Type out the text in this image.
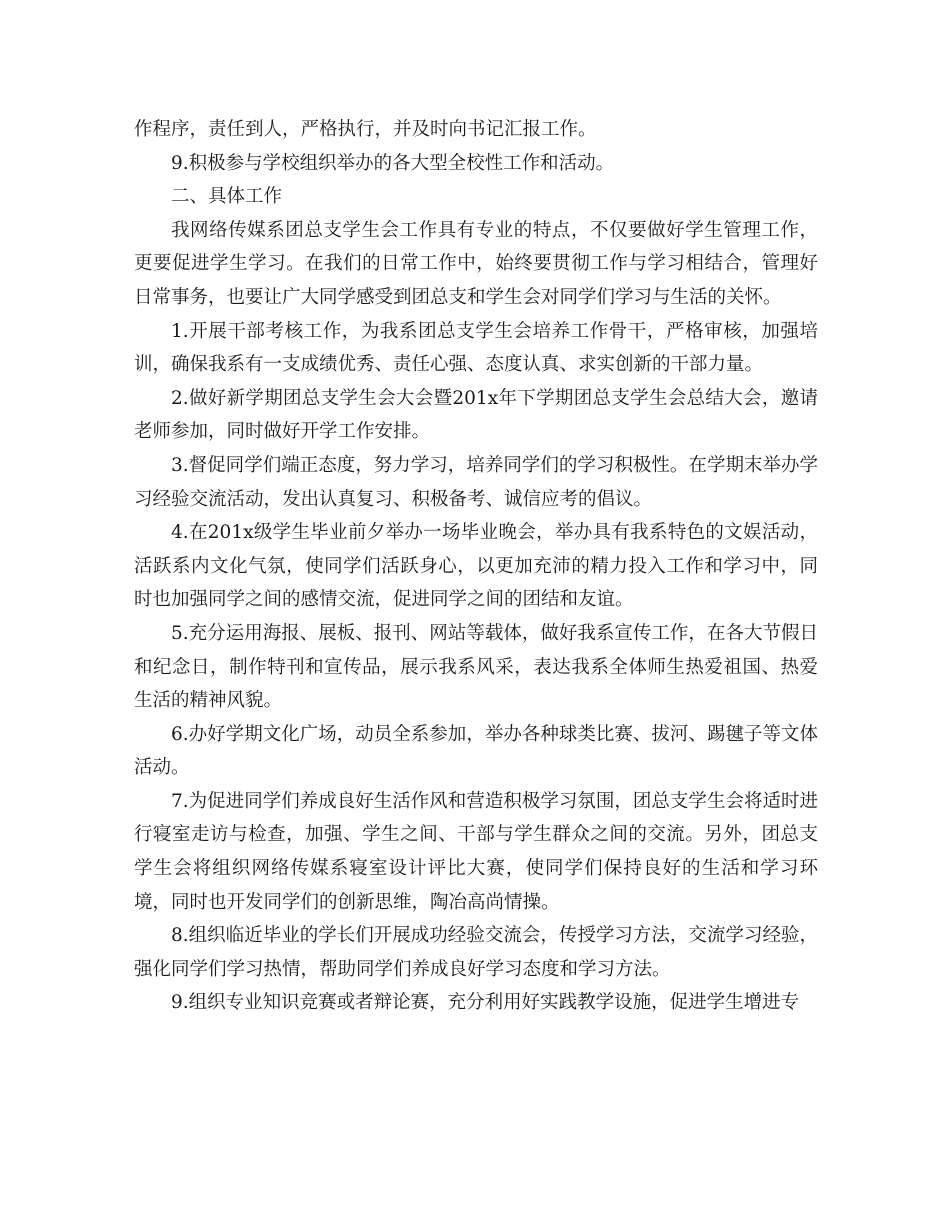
作程序，责任到人，严格执行，并及时向书记汇报工作。

9.积极参与学校组织举办的各大型全校性工作和活动。

二、具体工作

我网络传媒系团总支学生会工作具有专业的特点，不仅要做好学生管理工作，更要促进学生学习。在我们的日常工作中，始终要贯彻工作与学习相结合，管理好日常事务，也要让广大同学感受到团总支和学生会对同学们学习与生活的关怀。

1.开展干部考核工作，为我系团总支学生会培养工作骨干，严格审核，加强培训，确保我系有一支成绩优秀、责任心强、态度认真、求实创新的干部力量。

2.做好新学期团总支学生会大会暨201x年下学期团总支学生会总结大会，邀请老师参加，同时做好开学工作安排。

3.督促同学们端正态度，努力学习，培养同学们的学习积极性。在学期末举办学习经验交流活动，发出认真复习、积极备考、诚信应考的倡议。

4.在201x级学生毕业前夕举办一场毕业晚会，举办具有我系特色的文娱活动，活跃系内文化气氛，使同学们活跃身心，以更加充沛的精力投入工作和学习中，同时也加强同学之间的感情交流，促进同学之间的团结和友谊。

5.充分运用海报、展板、报刊、网站等载体，做好我系宣传工作，在各大节假日和纪念日，制作特刊和宣传品，展示我系风采，表达我系全体师生热爱祖国、热爱生活的精神风貌。

6.办好学期文化广场，动员全系参加，举办各种球类比赛、拔河、踢毽子等文体活动。

7.为促进同学们养成良好生活作风和营造积极学习氛围，团总支学生会将适时进行寝室走访与检查，加强、学生之间、干部与学生群众之间的交流。另外，团总支学生会将组织网络传媒系寝室设计评比大赛，使同学们保持良好的生活和学习环境，同时也开发同学们的创新思维，陶冶高尚情操。

8.组织临近毕业的学长们开展成功经验交流会，传授学习方法，交流学习经验，强化同学们学习热情，帮助同学们养成良好学习态度和学习方法。

9.组织专业知识竞赛或者辩论赛，充分利用好实践教学设施，促进学生增进专
